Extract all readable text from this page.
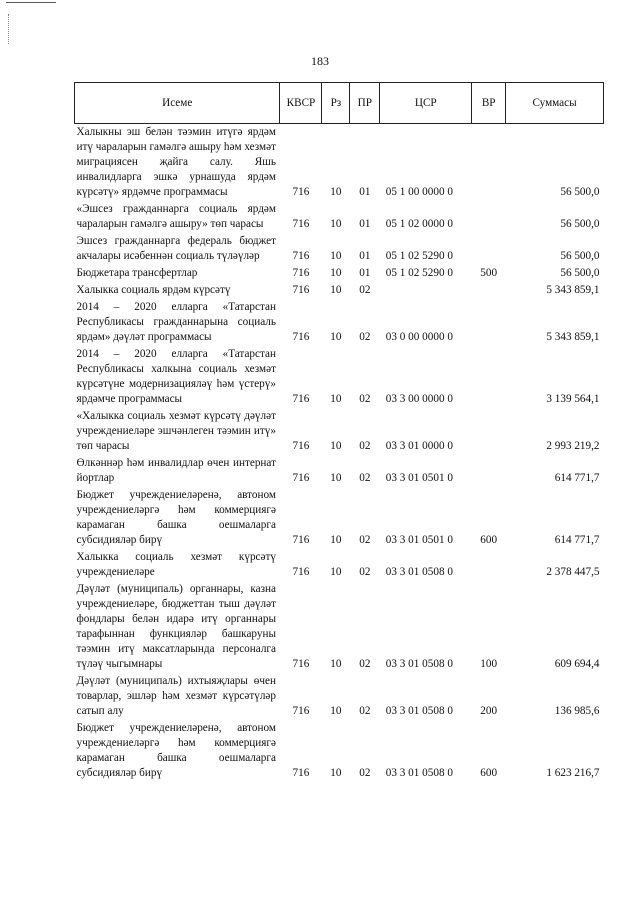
183
Исеме	КВСР	Рз	ПР	ЦСР	ВР	Суммасы
Халыкны эш белән тәэмин итүгә ярдәм итү чараларын гамәлгә ашыру һәм хезмәт миграциясен җайга салу. Яшь инвалидларга эшкә урнашуда ярдәм күрсәтү» ярдәмче программасы	716	10	01	05 1 00 0000 0		56 500,0
«Эшсез гражданнарга социаль ярдәм чараларын гамәлгә ашыру» төп чарасы	716	10	01	05 1 02 0000 0		56 500,0
Эшсез гражданнарга федераль бюджет акчалары исәбеннән социаль түләүләр	716	10	01	05 1 02 5290 0		56 500,0
Бюджетара трансфертлар	716	10	01	05 1 02 5290 0	500	56 500,0
Халыкка социаль ярдәм күрсәтү	716	10	02			5 343 859,1
2014 – 2020 елларга «Татарстан Республикасы гражданнарына социаль ярдәм» дәүләт программасы	716	10	02	03 0 00 0000 0		5 343 859,1
2014 – 2020 елларга «Татарстан Республикасы халкына социаль хезмәт күрсәтүне модернизацияләү һәм үстерү» ярдәмче программасы	716	10	02	03 3 00 0000 0		3 139 564,1
«Халыкка социаль хезмәт күрсәтү дәүләт учреждениеләре эшчәнлеген тәэмин итү» төп чарасы	716	10	02	03 3 01 0000 0		2 993 219,2
Өлкәннәр һәм инвалидлар өчен интернат йортлар	716	10	02	03 3 01 0501 0		614 771,7
Бюджет учреждениеләренә, автоном учреждениеләргә һәм коммерциягә карамаган башка оешмаларга субсидияләр бирү	716	10	02	03 3 01 0501 0	600	614 771,7
Халыкка социаль хезмәт күрсәтү учреждениеләре	716	10	02	03 3 01 0508 0		2 378 447,5
Дәүләт (муниципаль) органнары, казна учреждениеләре, бюджеттан тыш дәүләт фондлары белән идарә итү органнары тарафыннан функцияләр башкаруны тәэмин итү максатларында персоналга түләү чыгымнары	716	10	02	03 3 01 0508 0	100	609 694,4
Дәүләт (муниципаль) ихтыяҗлары өчен товарлар, эшләр һәм хезмәт күрсәтүләр сатып алу	716	10	02	03 3 01 0508 0	200	136 985,6
Бюджет учреждениеләренә, автоном учреждениеләргә һәм коммерциягә карамаган башка оешмаларга субсидияләр бирү	716	10	02	03 3 01 0508 0	600	1 623 216,7
